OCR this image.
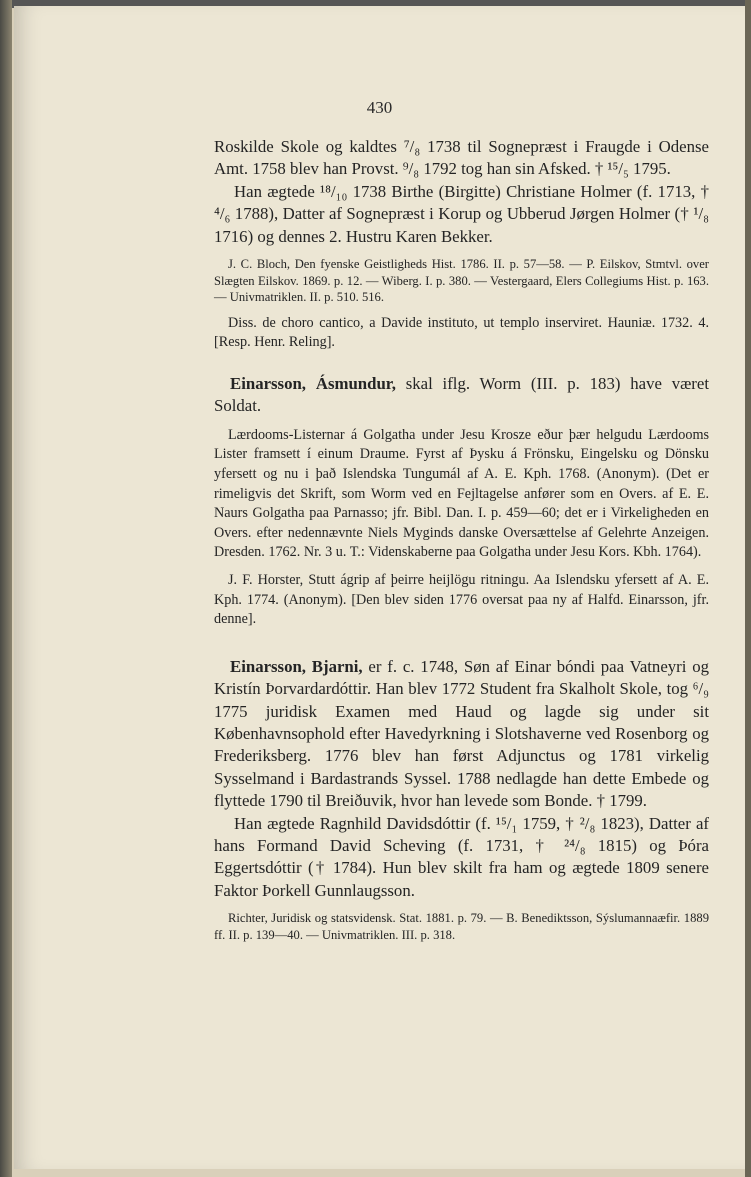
430

Roskilde Skole og kaldtes ⁷/₈ 1738 til Sognepræst i Fraugde i Odense Amt. 1758 blev han Provst. ⁹/₈ 1792 tog han sin Afsked. † ¹⁵/₅ 1795.

Han ægtede ¹⁸/₁₀ 1738 Birthe (Birgitte) Christiane Holmer (f. 1713, † ⁴/₆ 1788), Datter af Sognepræst i Korup og Ubberud Jørgen Holmer († ¹/₈ 1716) og dennes 2. Hustru Karen Bekker.

J. C. Bloch, Den fyenske Geistligheds Hist. 1786. II. p. 57—58. — P. Eilskov, Stmtvl. over Slægten Eilskov. 1869. p. 12. — Wiberg. I. p. 380. — Vestergaard, Elers Collegiums Hist. p. 163. — Univmatriklen. II. p. 510. 516.

Diss. de choro cantico, a Davide instituto, ut templo inserviret. Hauniæ. 1732. 4. [Resp. Henr. Reling].

Einarsson, Ásmundur, skal iflg. Worm (III. p. 183) have været Soldat.

Lærdooms-Listernar á Golgatha under Jesu Krosze eður þær helgudu Lærdooms Lister framsett í einum Draume. Fyrst af Þysku á Frönsku, Eingelsku og Dönsku yfersett og nu i það Islendska Tungumál af A. E. Kph. 1768. (Anonym). (Det er rimeligvis det Skrift, som Worm ved en Fejltagelse anfører som en Overs. af E. E. Naurs Golgatha paa Parnasso; jfr. Bibl. Dan. I. p. 459—60; det er i Virkeligheden en Overs. efter nedennævnte Niels Myginds danske Oversættelse af Gelehrte Anzeigen. Dresden. 1762. Nr. 3 u. T.: Videnskaberne paa Golgatha under Jesu Kors. Kbh. 1764).

J. F. Horster, Stutt ágrip af þeirre heijlögu ritningu. Aa Islendsku yfersett af A. E. Kph. 1774. (Anonym). [Den blev siden 1776 oversat paa ny af Halfd. Einarsson, jfr. denne].

Einarsson, Bjarni, er f. c. 1748, Søn af Einar bóndi paa Vatneyri og Kristín Þorvardardóttir. Han blev 1772 Student fra Skalholt Skole, tog ⁶/₉ 1775 juridisk Examen med Haud og lagde sig under sit Københavnsophold efter Havedyrkning i Slotshaverne ved Rosenborg og Frederiksberg. 1776 blev han først Adjunctus og 1781 virkelig Sysselmand i Bardastrands Syssel. 1788 nedlagde han dette Embede og flyttede 1790 til Breiðuvik, hvor han levede som Bonde. † 1799.

Han ægtede Ragnhild Davidsdóttir (f. ¹⁵/₁ 1759, † ²/₈ 1823), Datter af hans Formand David Scheving (f. 1731, † ²⁴/₈ 1815) og Þóra Eggertsdóttir († 1784). Hun blev skilt fra ham og ægtede 1809 senere Faktor Þorkell Gunnlaugsson.

Richter, Juridisk og statsvidensk. Stat. 1881. p. 79. — B. Benediktsson, Sýslumannaæfir. 1889 ff. II. p. 139—40. — Univmatriklen. III. p. 318.
